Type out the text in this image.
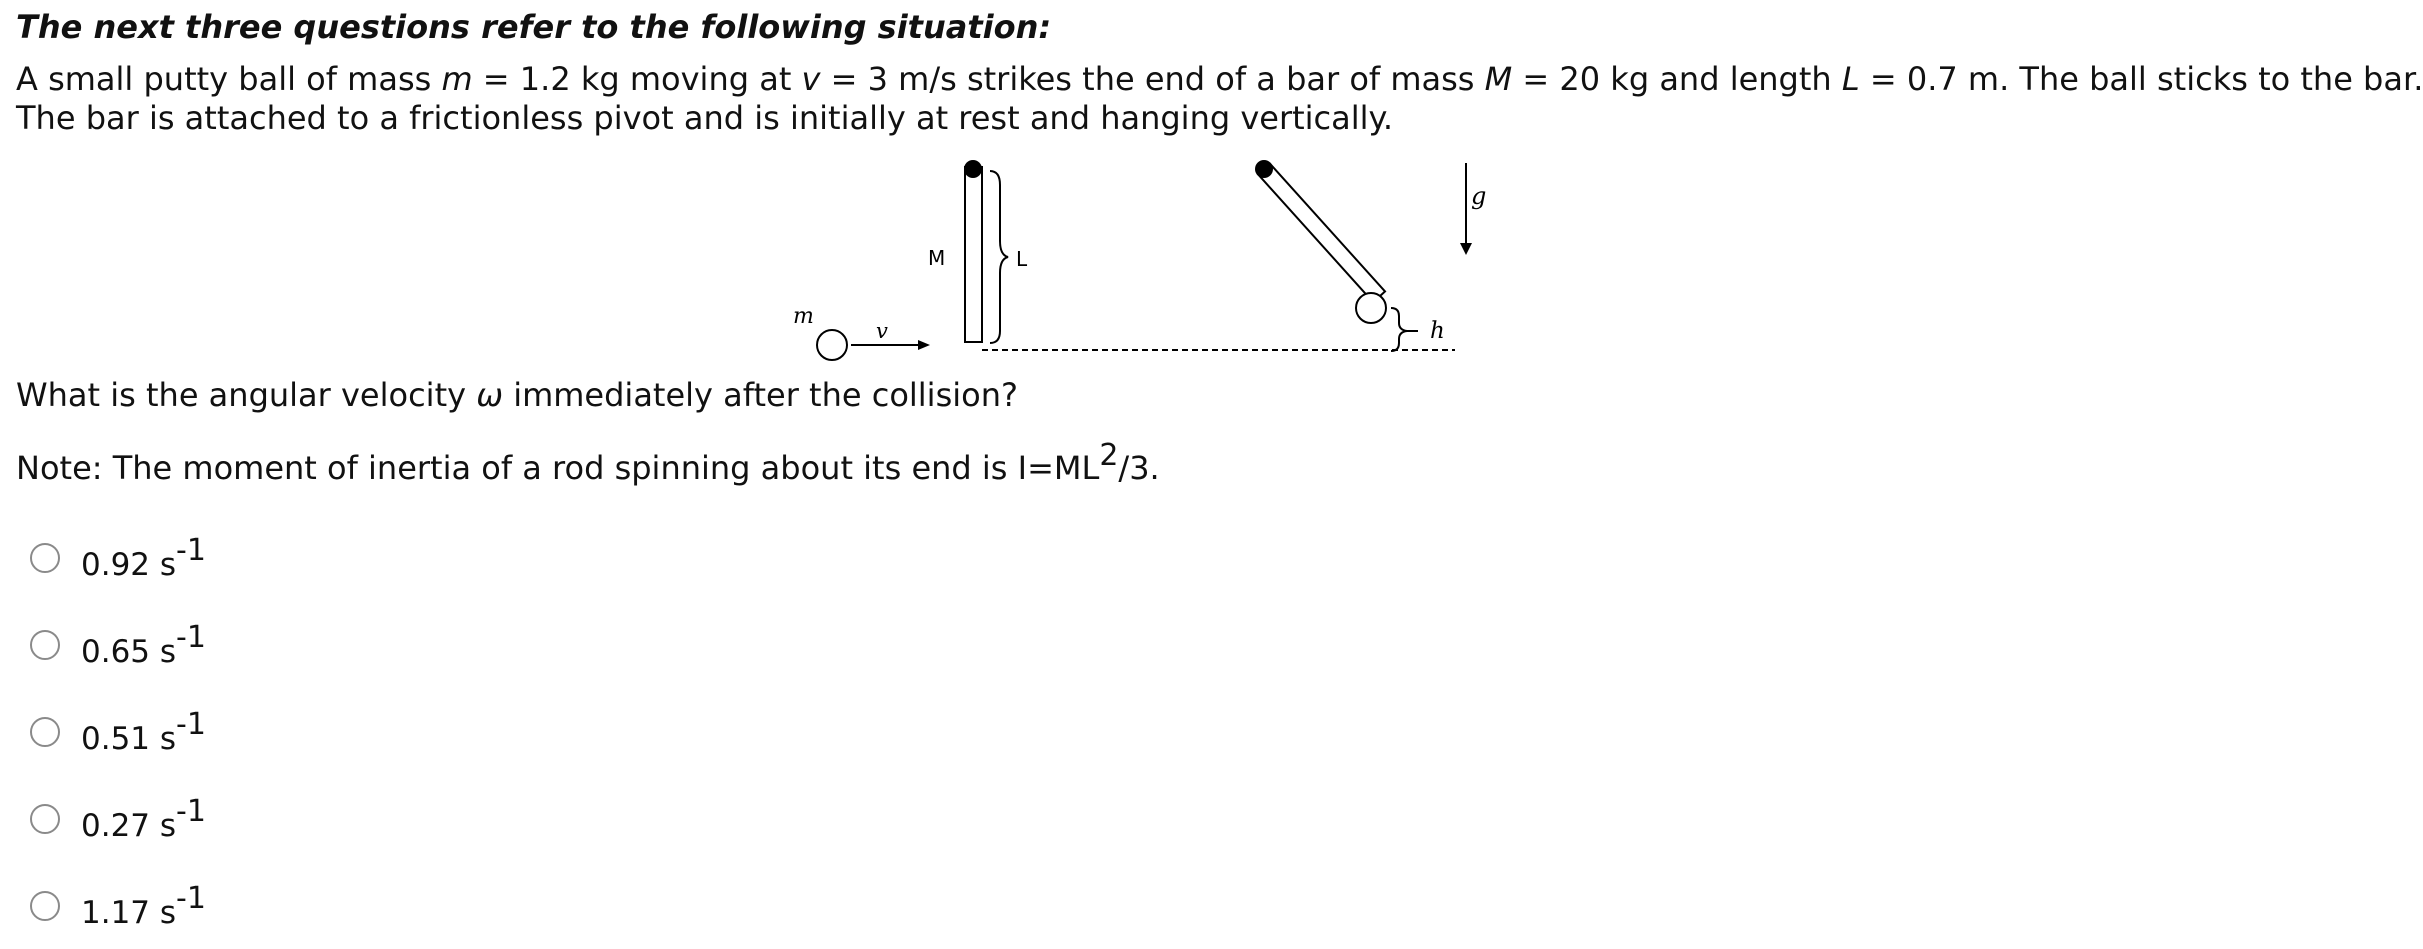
The next three questions refer to the following situation:
A small putty ball of mass m = 1.2 kg moving at v = 3 m/s strikes the end of a bar of mass M = 20 kg and length L = 0.7 m. The ball sticks to the bar.
The bar is attached to a frictionless pivot and is initially at rest and hanging vertically.
m
v
M	L
h
g
What is the angular velocity ω immediately after the collision?
Note: The moment of inertia of a rod spinning about its end is $I=ML^2/3$.
0.92 $s^{-1}$
0.65 $s^{-1}$
0.51 $s^{-1}$
0.27 $s^{-1}$
1.17 $s^{-1}$
